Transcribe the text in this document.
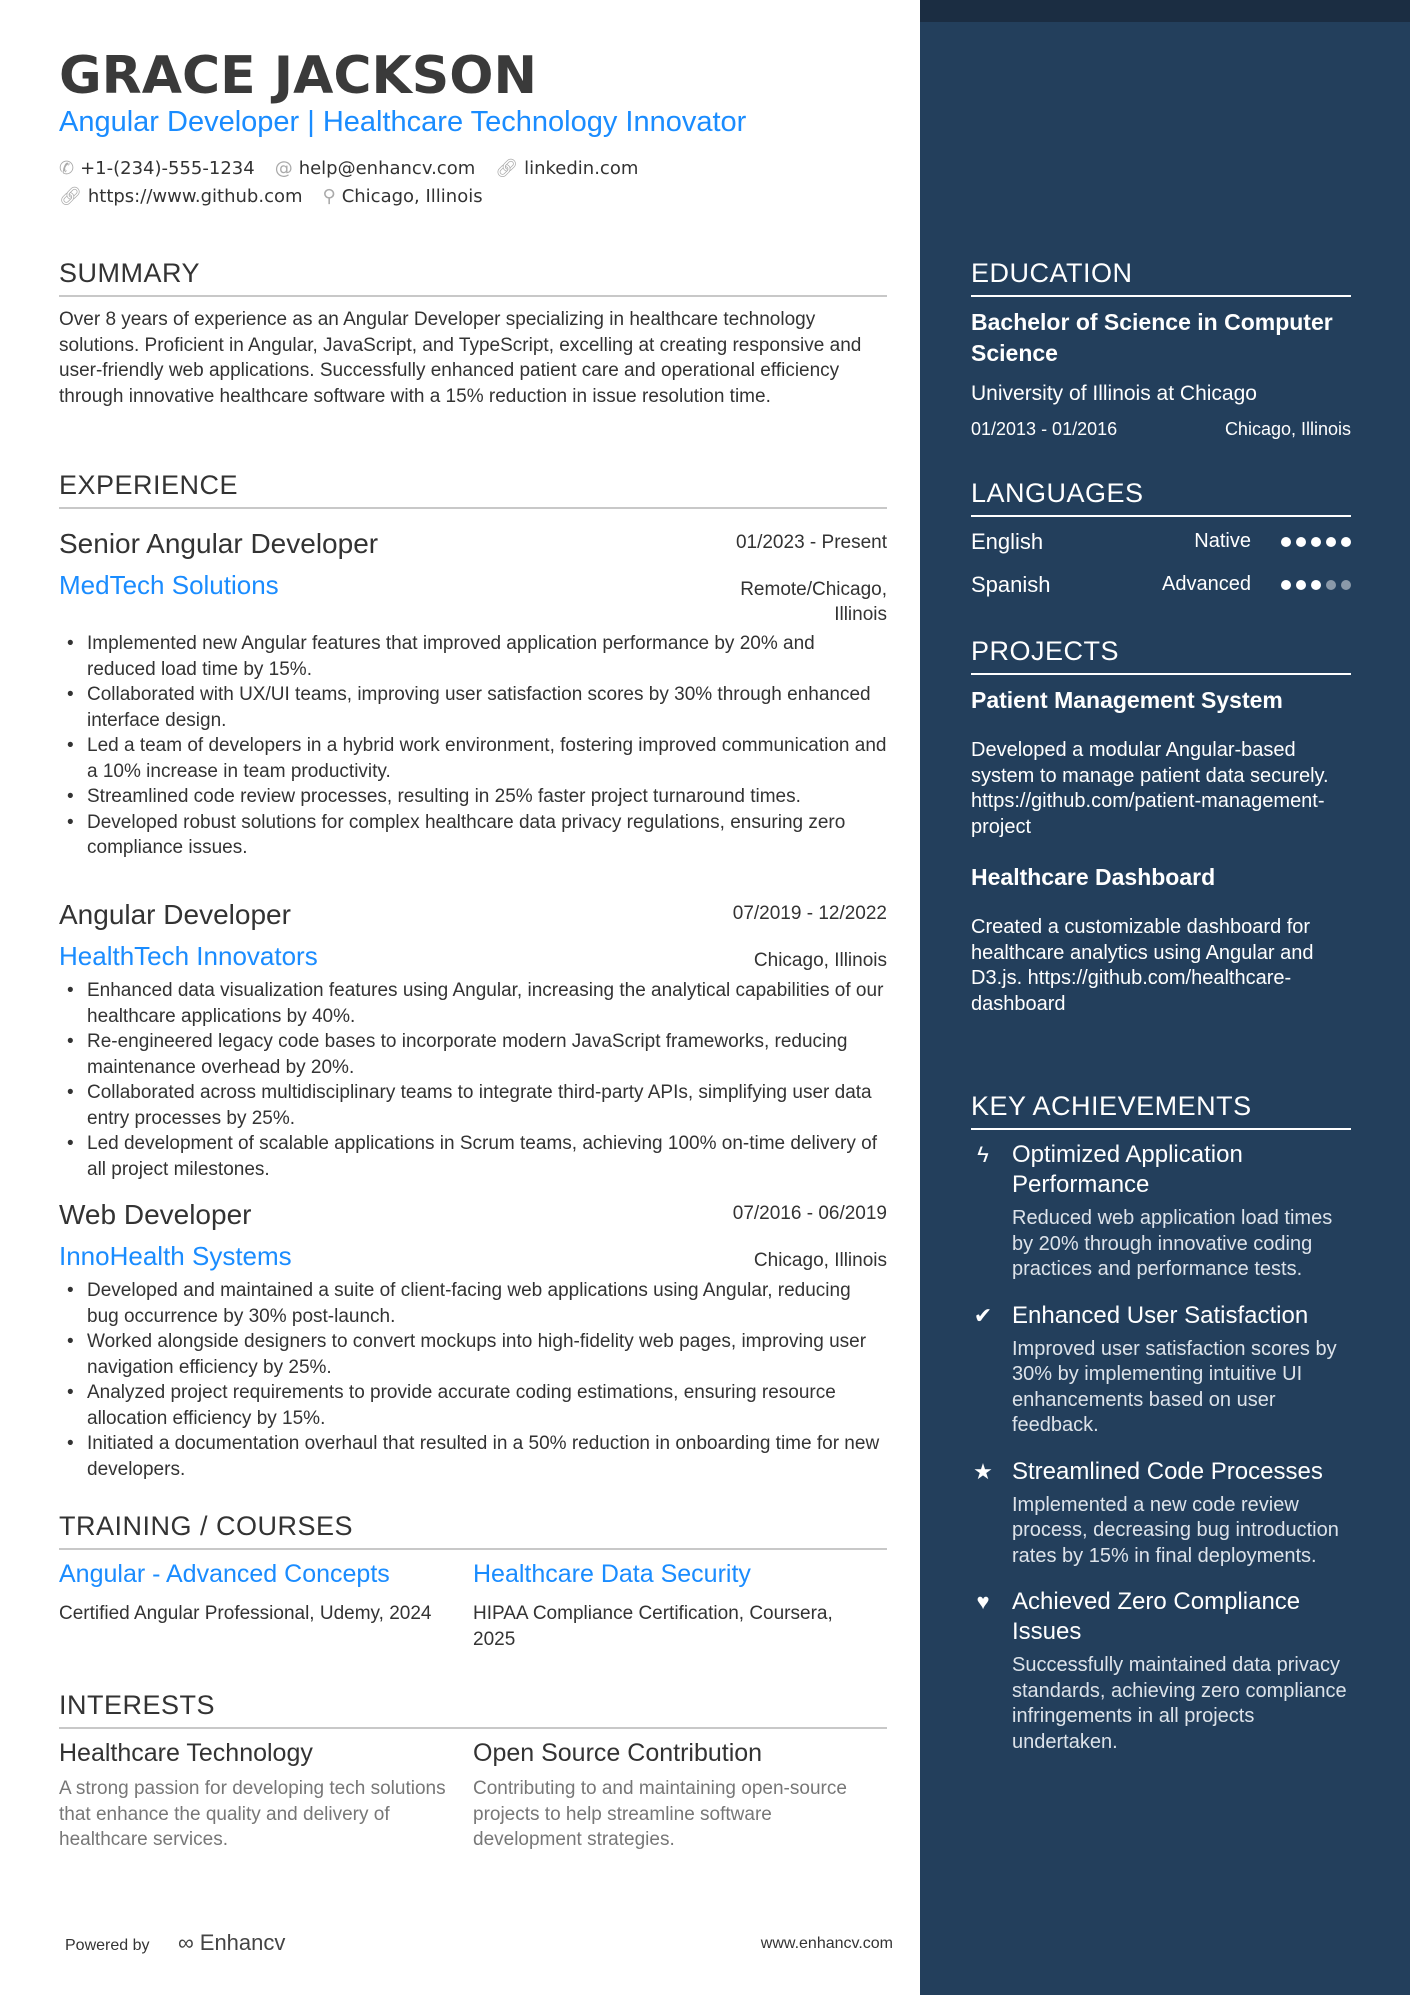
GRACE JACKSON
Angular Developer | Healthcare Technology Innovator
✆ +1-(234)-555-1234 @ help@enhancv.com 🔗︎ linkedin.com
🔗︎ https://www.github.com ⚲ Chicago, Illinois
SUMMARY
Over 8 years of experience as an Angular Developer specializing in healthcare technology solutions. Proficient in Angular, JavaScript, and TypeScript, excelling at creating responsive and user-friendly web applications. Successfully enhanced patient care and operational efficiency through innovative healthcare software with a 15% reduction in issue resolution time.
EXPERIENCE
Senior Angular Developer	01/2023 - Present
MedTech Solutions	Remote/Chicago, Illinois
• Implemented new Angular features that improved application performance by 20% and reduced load time by 15%.
• Collaborated with UX/UI teams, improving user satisfaction scores by 30% through enhanced interface design.
• Led a team of developers in a hybrid work environment, fostering improved communication and a 10% increase in team productivity.
• Streamlined code review processes, resulting in 25% faster project turnaround times.
• Developed robust solutions for complex healthcare data privacy regulations, ensuring zero compliance issues.
Angular Developer	07/2019 - 12/2022
HealthTech Innovators	Chicago, Illinois
• Enhanced data visualization features using Angular, increasing the analytical capabilities of our healthcare applications by 40%.
• Re-engineered legacy code bases to incorporate modern JavaScript frameworks, reducing maintenance overhead by 20%.
• Collaborated across multidisciplinary teams to integrate third-party APIs, simplifying user data entry processes by 25%.
• Led development of scalable applications in Scrum teams, achieving 100% on-time delivery of all project milestones.
Web Developer	07/2016 - 06/2019
InnoHealth Systems	Chicago, Illinois
• Developed and maintained a suite of client-facing web applications using Angular, reducing bug occurrence by 30% post-launch.
• Worked alongside designers to convert mockups into high-fidelity web pages, improving user navigation efficiency by 25%.
• Analyzed project requirements to provide accurate coding estimations, ensuring resource allocation efficiency by 15%.
• Initiated a documentation overhaul that resulted in a 50% reduction in onboarding time for new developers.
TRAINING / COURSES
Angular - Advanced Concepts
Certified Angular Professional, Udemy, 2024
Healthcare Data Security
HIPAA Compliance Certification, Coursera, 2025
INTERESTS
Healthcare Technology
A strong passion for developing tech solutions that enhance the quality and delivery of healthcare services.
Open Source Contribution
Contributing to and maintaining open-source projects to help streamline software development strategies.
Powered by ∞ Enhancv	www.enhancv.com
EDUCATION
Bachelor of Science in Computer Science
University of Illinois at Chicago
01/2013 - 01/2016	Chicago, Illinois
LANGUAGES
English	Native
Spanish	Advanced
PROJECTS
Patient Management System
Developed a modular Angular-based system to manage patient data securely. https://github.com/patient-management-project
Healthcare Dashboard
Created a customizable dashboard for healthcare analytics using Angular and D3.js. https://github.com/healthcare-dashboard
KEY ACHIEVEMENTS
ϟ Optimized Application Performance
Reduced web application load times by 20% through innovative coding practices and performance tests.
✔ Enhanced User Satisfaction
Improved user satisfaction scores by 30% by implementing intuitive UI enhancements based on user feedback.
★ Streamlined Code Processes
Implemented a new code review process, decreasing bug introduction rates by 15% in final deployments.
♥ Achieved Zero Compliance Issues
Successfully maintained data privacy standards, achieving zero compliance infringements in all projects undertaken.
